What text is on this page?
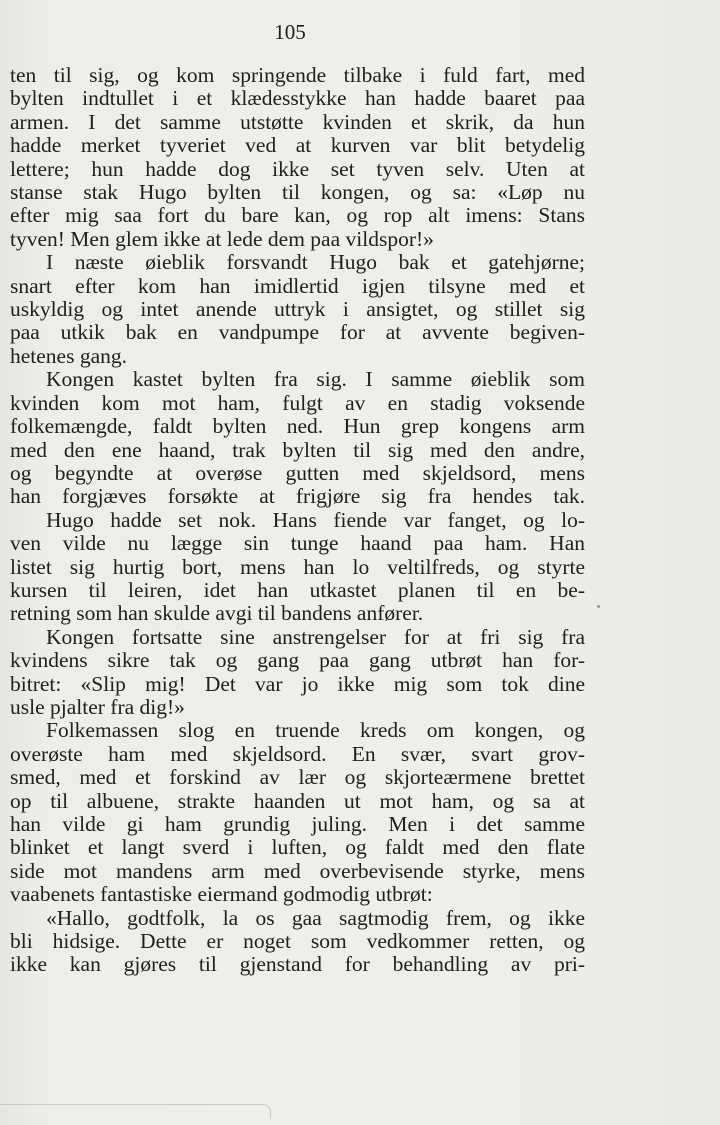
105
ten til sig, og kom springende tilbake i fuld fart, med
bylten indtullet i et klædesstykke han hadde baaret paa
armen. I det samme utstøtte kvinden et skrik, da hun
hadde merket tyveriet ved at kurven var blit betydelig
lettere; hun hadde dog ikke set tyven selv. Uten at
stanse stak Hugo bylten til kongen, og sa: «Løp nu
efter mig saa fort du bare kan, og rop alt imens: Stans
tyven! Men glem ikke at lede dem paa vildspor!»
I næste øieblik forsvandt Hugo bak et gatehjørne;
snart efter kom han imidlertid igjen tilsyne med et
uskyldig og intet anende uttryk i ansigtet, og stillet sig
paa utkik bak en vandpumpe for at avvente begiven-
hetenes gang.
Kongen kastet bylten fra sig. I samme øieblik som
kvinden kom mot ham, fulgt av en stadig voksende
folkemængde, faldt bylten ned. Hun grep kongens arm
med den ene haand, trak bylten til sig med den andre,
og begyndte at overøse gutten med skjeldsord, mens
han forgjæves forsøkte at frigjøre sig fra hendes tak.
Hugo hadde set nok. Hans fiende var fanget, og lo-
ven vilde nu lægge sin tunge haand paa ham. Han
listet sig hurtig bort, mens han lo veltilfreds, og styrte
kursen til leiren, idet han utkastet planen til en be-
retning som han skulde avgi til bandens anfører.
Kongen fortsatte sine anstrengelser for at fri sig fra
kvindens sikre tak og gang paa gang utbrøt han for-
bitret: «Slip mig! Det var jo ikke mig som tok dine
usle pjalter fra dig!»
Folkemassen slog en truende kreds om kongen, og
overøste ham med skjeldsord. En svær, svart grov-
smed, med et forskind av lær og skjorteærmene brettet
op til albuene, strakte haanden ut mot ham, og sa at
han vilde gi ham grundig juling. Men i det samme
blinket et langt sverd i luften, og faldt med den flate
side mot mandens arm med overbevisende styrke, mens
vaabenets fantastiske eiermand godmodig utbrøt:
«Hallo, godtfolk, la os gaa sagtmodig frem, og ikke
bli hidsige. Dette er noget som vedkommer retten, og
ikke kan gjøres til gjenstand for behandling av pri-
